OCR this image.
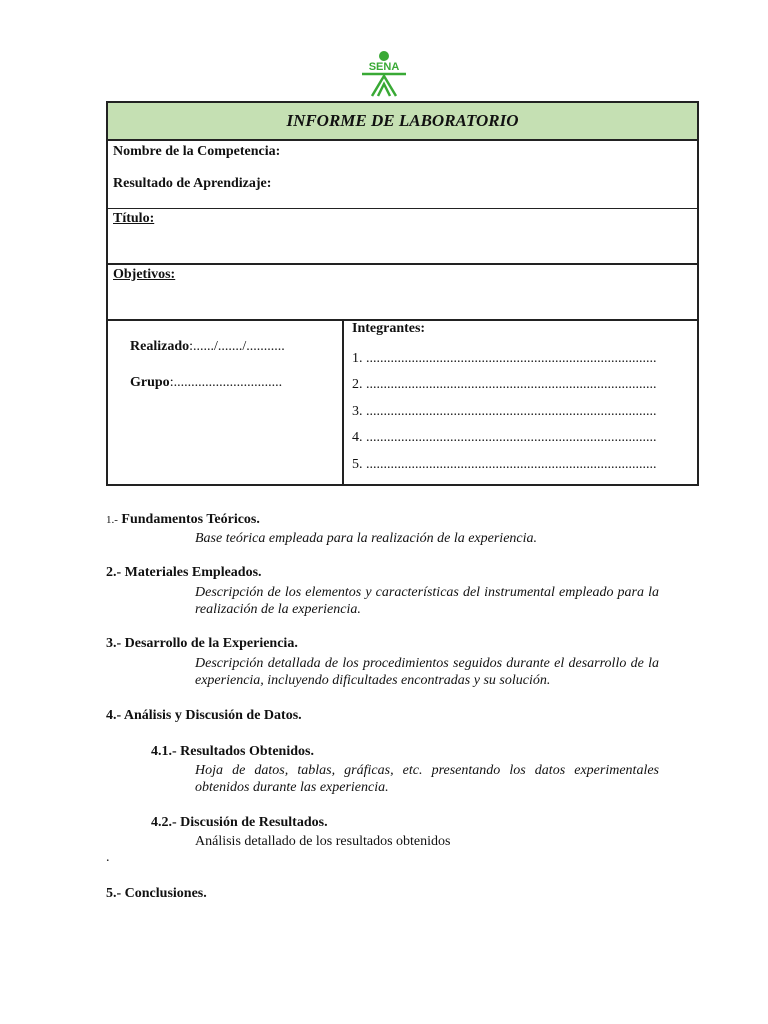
SENA
INFORME DE LABORATORIO
Nombre de la Competencia:
Resultado de Aprendizaje:
Título:
Objetivos:
Realizado:....../......./...........
Grupo:...............................
Integrantes:
1. ...................................................................................
2. ...................................................................................
3. ...................................................................................
4. ...................................................................................
5. ...................................................................................
1.- Fundamentos Teóricos.
Base teórica empleada para la realización de la experiencia.
2.- Materiales Empleados.
Descripción de los elementos y características del instrumental empleado para la realización de la experiencia.
3.- Desarrollo de la Experiencia.
Descripción detallada de los procedimientos seguidos durante el desarrollo de la experiencia, incluyendo dificultades encontradas y su solución.
4.- Análisis y Discusión de Datos.
4.1.- Resultados Obtenidos.
Hoja de datos, tablas, gráficas, etc. presentando los datos experimentales obtenidos durante las experiencia.
4.2.- Discusión de Resultados.
Análisis detallado de los resultados obtenidos
.
5.- Conclusiones.
